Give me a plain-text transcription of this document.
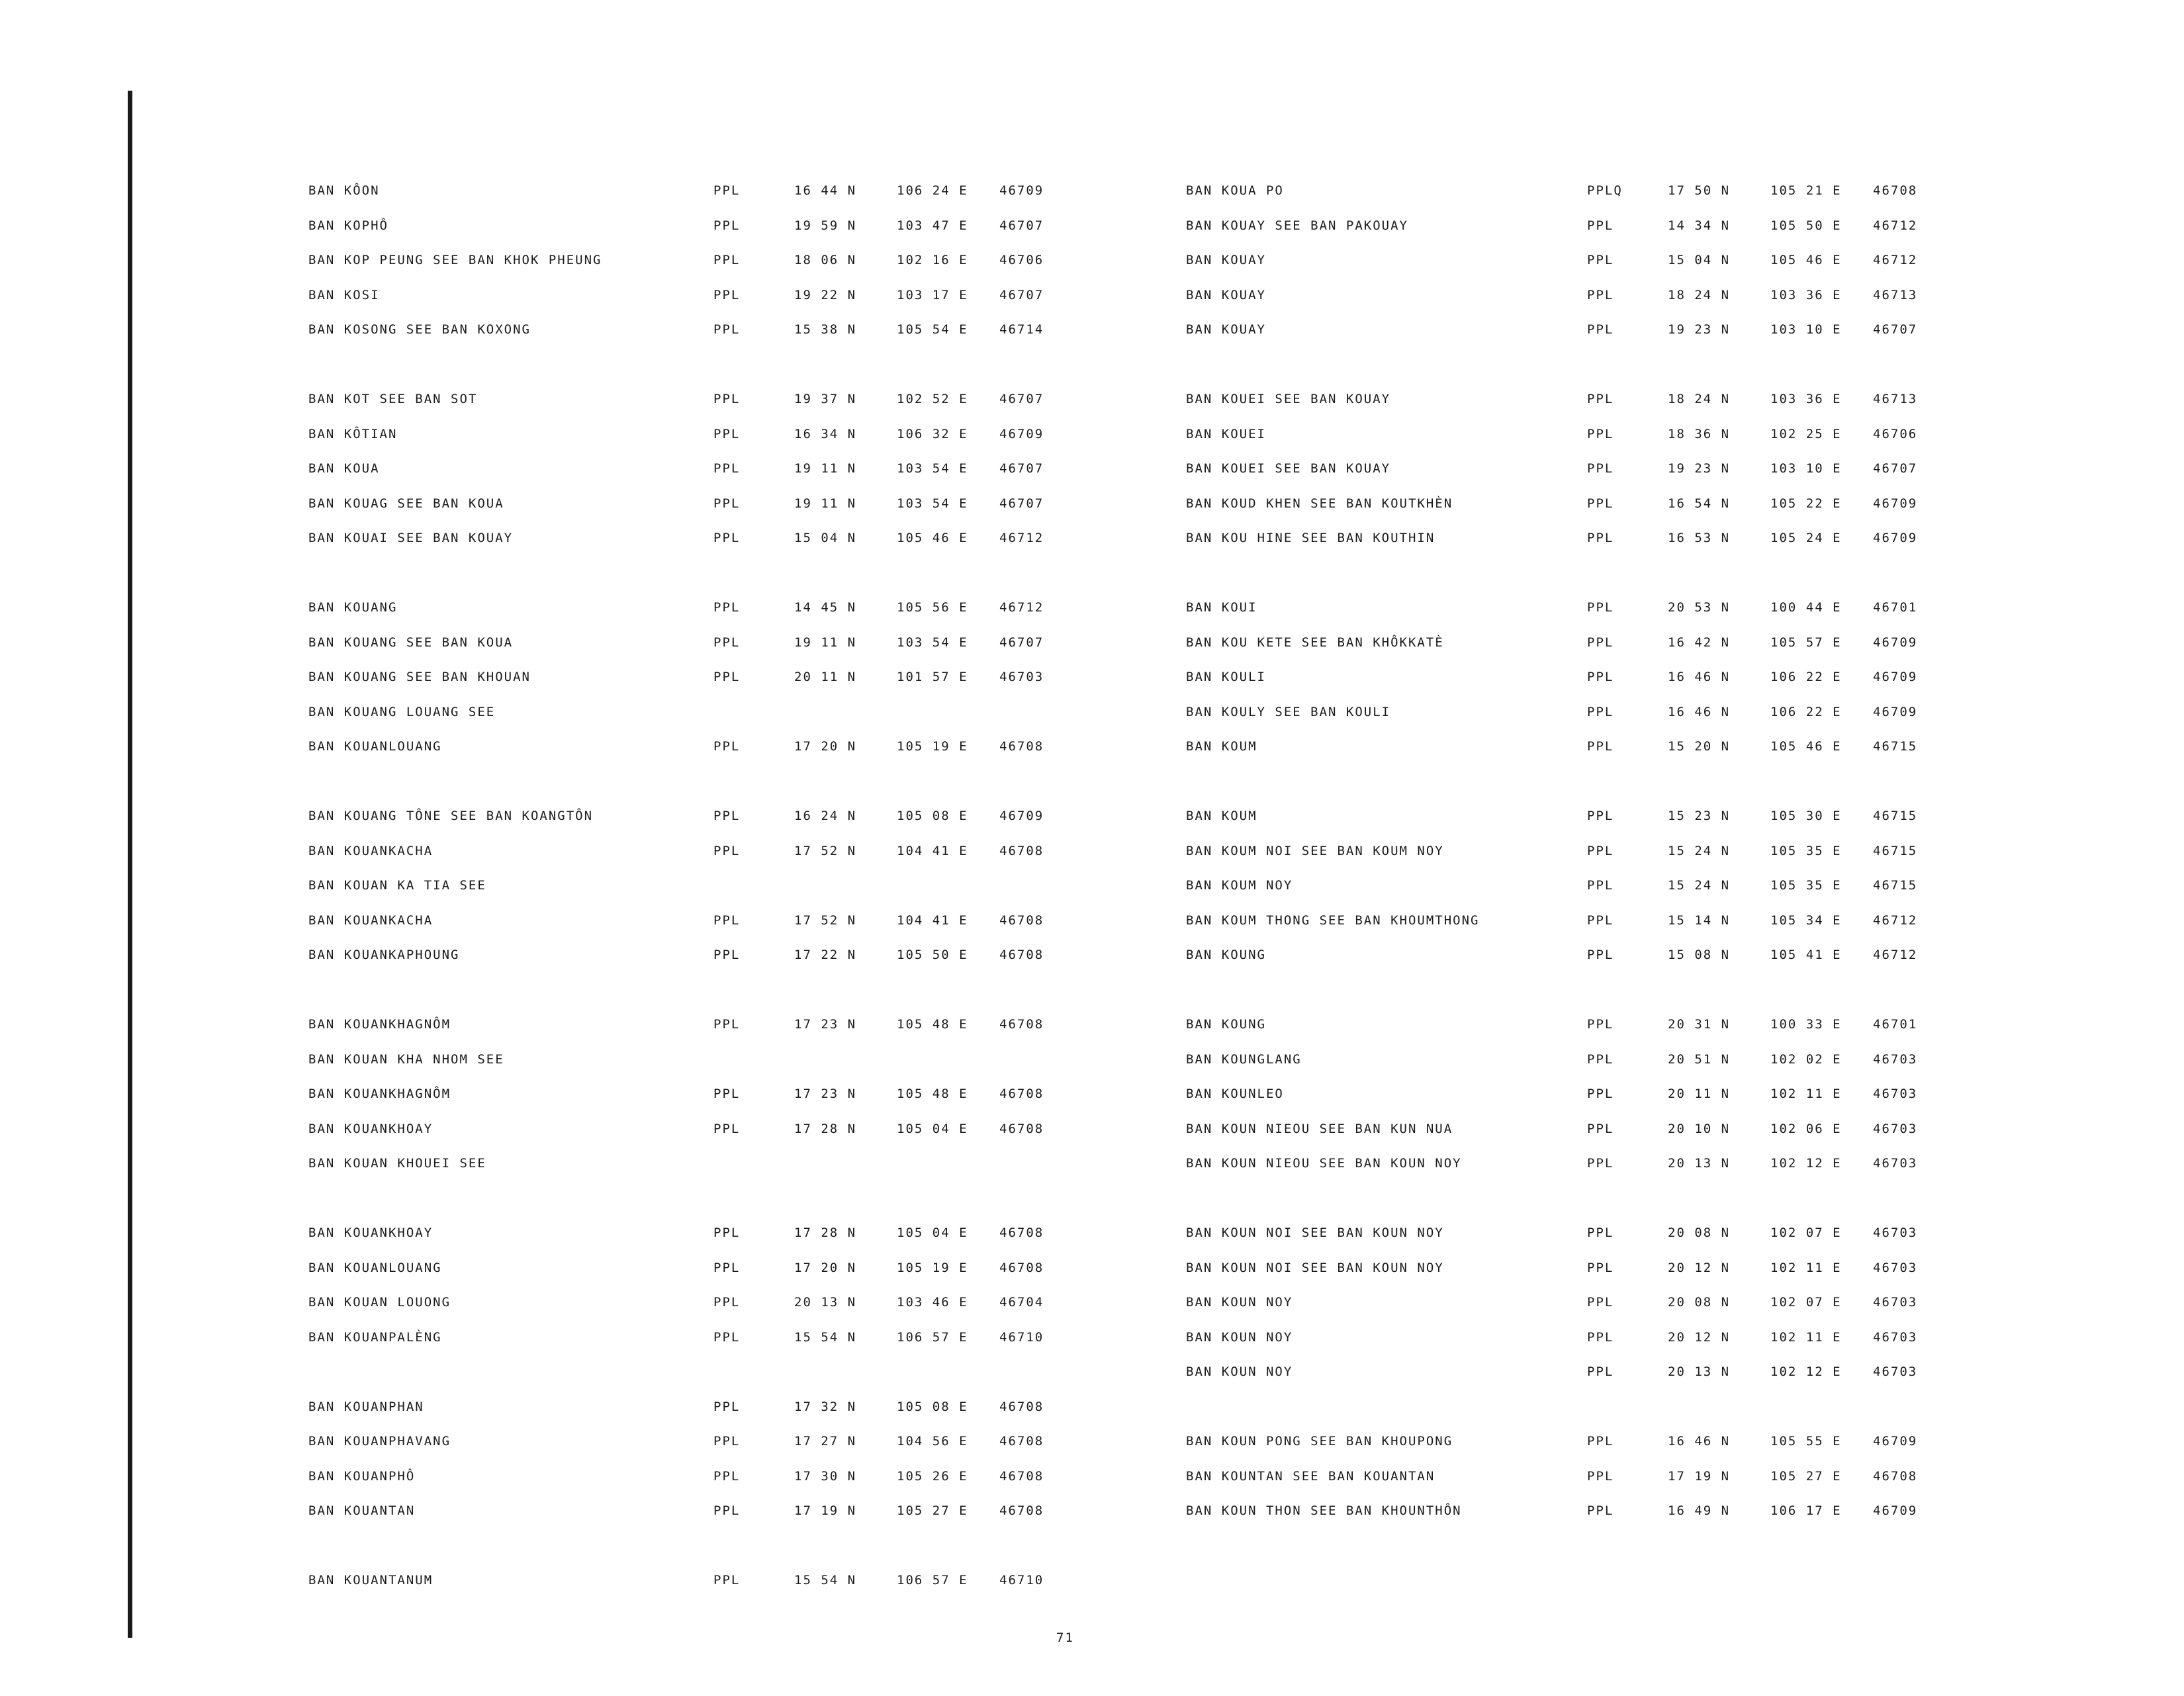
BAN KÔON	PPL	16 44 N	106 24 E 46709
BAN KOPHÔ	PPL	19 59 N	103 47 E 46707
BAN KOP PEUNG SEE BAN KHOK PHEUNG	PPL	18 06 N	102 16 E 46706
BAN KOSI	PPL	19 22 N	103 17 E 46707
BAN KOSONG SEE BAN KOXONG	PPL	15 38 N	105 54 E 46714
BAN KOT SEE BAN SOT	PPL	19 37 N	102 52 E 46707
BAN KÔTIAN	PPL	16 34 N	106 32 E 46709
BAN KOUA	PPL	19 11 N	103 54 E 46707
BAN KOUAG SEE BAN KOUA	PPL	19 11 N	103 54 E 46707
BAN KOUAI SEE BAN KOUAY	PPL	15 04 N	105 46 E 46712
BAN KOUANG	PPL	14 45 N	105 56 E 46712
BAN KOUANG SEE BAN KOUA	PPL	19 11 N	103 54 E 46707
BAN KOUANG SEE BAN KHOUAN	PPL	20 11 N	101 57 E 46703
BAN KOUANG LOUANG SEE
BAN KOUANLOUANG	PPL	17 20 N	105 19 E 46708
BAN KOUANG TÔNE SEE BAN KOANGTÔN	PPL	16 24 N	105 08 E 46709
BAN KOUANKACHA	PPL	17 52 N	104 41 E 46708
BAN KOUAN KA TIA SEE
BAN KOUANKACHA	PPL	17 52 N	104 41 E 46708
BAN KOUANKAPHOUNG	PPL	17 22 N	105 50 E 46708
BAN KOUANKHAGNÔM	PPL	17 23 N	105 48 E 46708
BAN KOUAN KHA NHOM SEE
BAN KOUANKHAGNÔM	PPL	17 23 N	105 48 E 46708
BAN KOUANKHOAY	PPL	17 28 N	105 04 E 46708
BAN KOUAN KHOUEI SEE
BAN KOUANKHOAY	PPL	17 28 N	105 04 E 46708
BAN KOUANLOUANG	PPL	17 20 N	105 19 E 46708
BAN KOUAN LOUONG	PPL	20 13 N	103 46 E 46704
BAN KOUANPALÈNG	PPL	15 54 N	106 57 E 46710
BAN KOUANPHAN	PPL	17 32 N	105 08 E 46708
BAN KOUANPHAVANG	PPL	17 27 N	104 56 E 46708
BAN KOUANPHÔ	PPL	17 30 N	105 26 E 46708
BAN KOUANTAN	PPL	17 19 N	105 27 E 46708
BAN KOUANTANUM	PPL	15 54 N	106 57 E 46710
BAN KOUA PO	PPLQ	17 50 N	105 21 E 46708
BAN KOUAY SEE BAN PAKOUAY	PPL	14 34 N	105 50 E 46712
BAN KOUAY	PPL	15 04 N	105 46 E 46712
BAN KOUAY	PPL	18 24 N	103 36 E 46713
BAN KOUAY	PPL	19 23 N	103 10 E 46707
BAN KOUEI SEE BAN KOUAY	PPL	18 24 N	103 36 E 46713
BAN KOUEI	PPL	18 36 N	102 25 E 46706
BAN KOUEI SEE BAN KOUAY	PPL	19 23 N	103 10 E 46707
BAN KOUD KHEN SEE BAN KOUTKHÈN	PPL	16 54 N	105 22 E 46709
BAN KOU HINE SEE BAN KOUTHIN	PPL	16 53 N	105 24 E 46709
BAN KOUI	PPL	20 53 N	100 44 E 46701
BAN KOU KETE SEE BAN KHÔKKATÈ	PPL	16 42 N	105 57 E 46709
BAN KOULI	PPL	16 46 N	106 22 E 46709
BAN KOULY SEE BAN KOULI	PPL	16 46 N	106 22 E 46709
BAN KOUM	PPL	15 20 N	105 46 E 46715
BAN KOUM	PPL	15 23 N	105 30 E 46715
BAN KOUM NOI SEE BAN KOUM NOY	PPL	15 24 N	105 35 E 46715
BAN KOUM NOY	PPL	15 24 N	105 35 E 46715
BAN KOUM THONG SEE BAN KHOUMTHONG	PPL	15 14 N	105 34 E 46712
BAN KOUNG	PPL	15 08 N	105 41 E 46712
BAN KOUNG	PPL	20 31 N	100 33 E 46701
BAN KOUNGLANG	PPL	20 51 N	102 02 E 46703
BAN KOUNLEO	PPL	20 11 N	102 11 E 46703
BAN KOUN NIEOU SEE BAN KUN NUA	PPL	20 10 N	102 06 E 46703
BAN KOUN NIEOU SEE BAN KOUN NOY	PPL	20 13 N	102 12 E 46703
BAN KOUN NOI SEE BAN KOUN NOY	PPL	20 08 N	102 07 E 46703
BAN KOUN NOI SEE BAN KOUN NOY	PPL	20 12 N	102 11 E 46703
BAN KOUN NOY	PPL	20 08 N	102 07 E 46703
BAN KOUN NOY	PPL	20 12 N	102 11 E 46703
BAN KOUN NOY	PPL	20 13 N	102 12 E 46703
BAN KOUN PONG SEE BAN KHOUPONG	PPL	16 46 N	105 55 E 46709
BAN KOUNTAN SEE BAN KOUANTAN	PPL	17 19 N	105 27 E 46708
BAN KOUN THON SEE BAN KHOUNTHÔN	PPL	16 49 N	106 17 E 46709
71
